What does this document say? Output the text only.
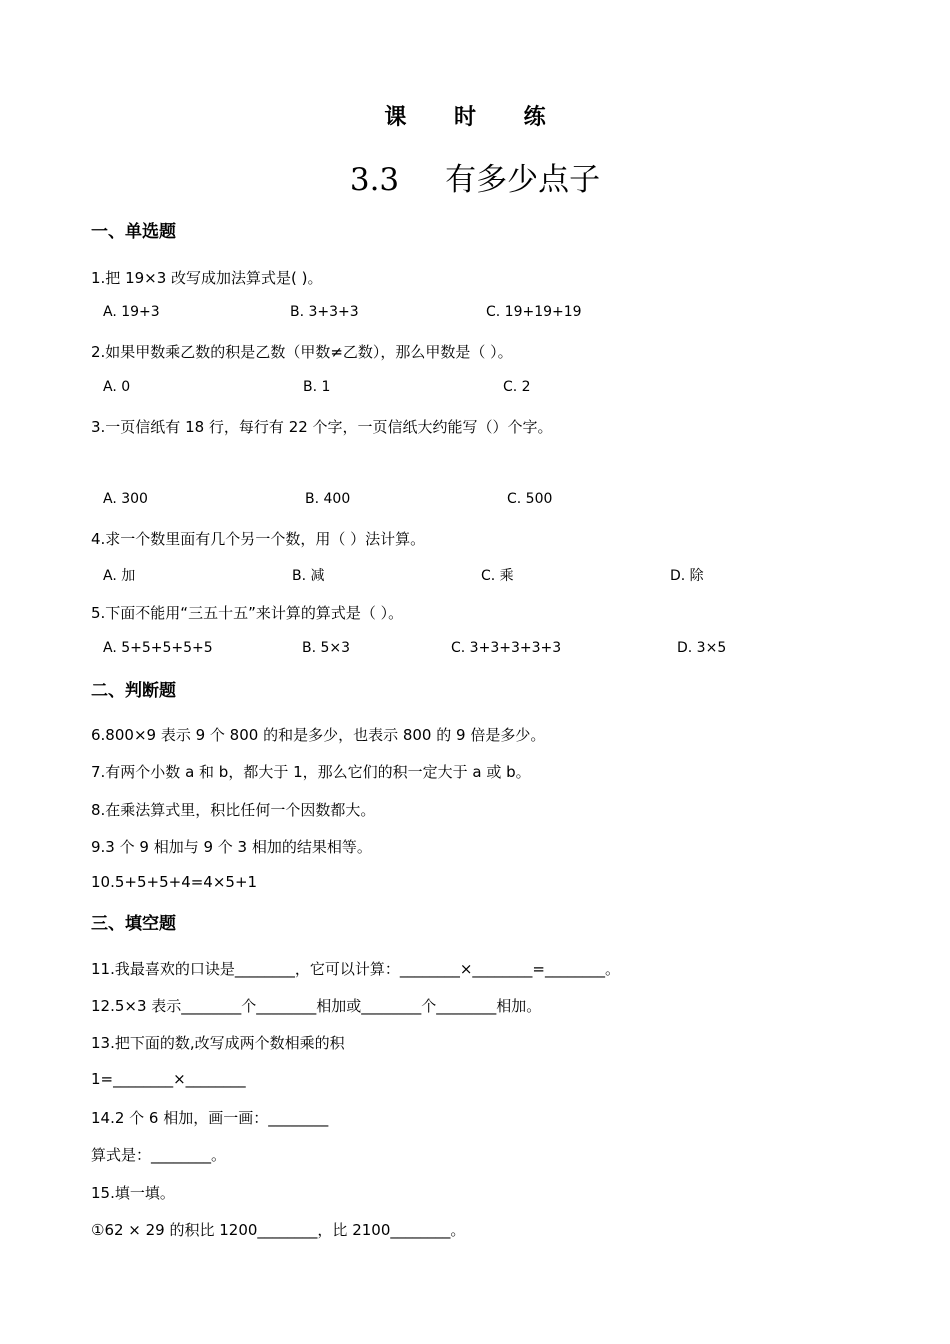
课 时 练
3.3 有多少点子
一、单选题
1.把 19×3 改写成加法算式是( )。
A. 19+3	B. 3+3+3	C. 19+19+19
2.如果甲数乘乙数的积是乙数（甲数≠乙数），那么甲数是（ ）。
A. 0	B. 1	C. 2
3.一页信纸有 18 行，每行有 22 个字，一页信纸大约能写（）个字。
A. 300	B. 400	C. 500
4.求一个数里面有几个另一个数，用（ ）法计算。
A. 加	B. 减	C. 乘	D. 除
5.下面不能用“三五十五”来计算的算式是（ ）。
A. 5+5+5+5+5	B. 5×3	C. 3+3+3+3+3	D. 3×5
二、判断题
6.800×9 表示 9 个 800 的和是多少，也表示 800 的 9 倍是多少。
7.有两个小数 a 和 b，都大于 1，那么它们的积一定大于 a 或 b。
8.在乘法算式里，积比任何一个因数都大。
9.3 个 9 相加与 9 个 3 相加的结果相等。
10.5+5+5+4=4×5+1
三、填空题
11.我最喜欢的口诀是________，它可以计算：________×________=________。
12.5×3 表示________个________相加或________个________相加。
13.把下面的数,改写成两个数相乘的积
1=________×________
14.2 个 6 相加，画一画：________
算式是：________。
15.填一填。
①62 × 29 的积比 1200________，比 2100________。
